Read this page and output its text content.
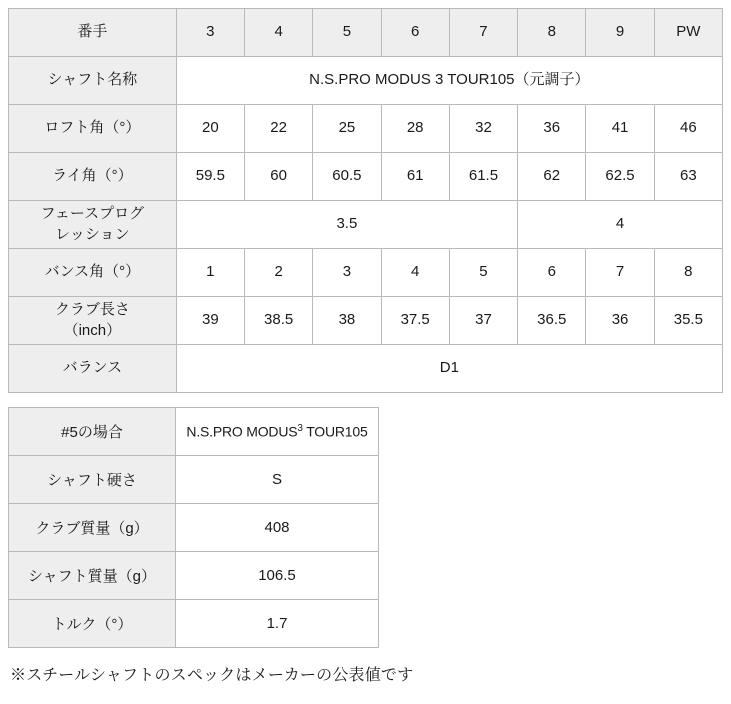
番手	3	4	5	6	7	8	9	PW
シャフト名称	N.S.PRO MODUS 3 TOUR105（元調子）							
ロフト角（°）	20	22	25	28	32	36	41	46
ライ角（°）	59.5	60	60.5	61	61.5	62	62.5	63

フェースプログ
レッション	3.5					4		
バンス角（°）	1	2	3	4	5	6	7	8

クラブ長さ
（inch）	39	38.5	38	37.5	37	36.5	36	35.5
バランス	D1							
#5の場合	N.S.PRO MODUS$^3$ TOUR105	
シャフト硬さ	S	
クラブ質量（g）	408	
シャフト質量（g）	106.5	
トルク（°）	1.7	
※スチールシャフトのスペックはメーカーの公表値です
